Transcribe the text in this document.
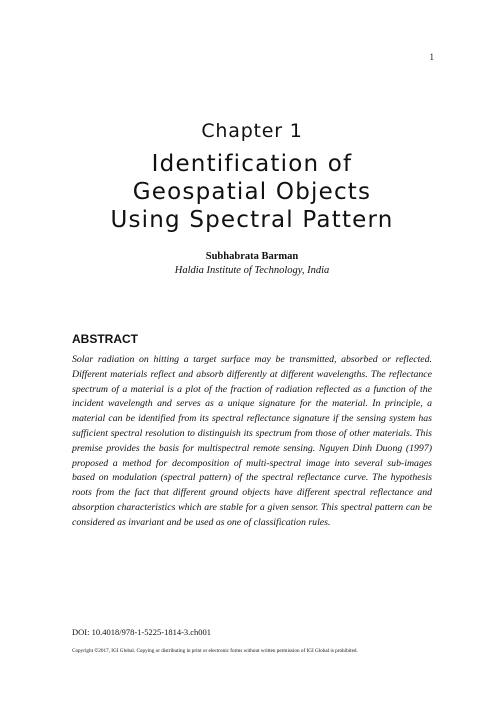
1
Chapter 1
Identification of
Geospatial Objects
Using Spectral Pattern
Subhabrata Barman
Haldia Institute of Technology, India
ABSTRACT

Solar radiation on hitting a target surface may be transmitted, absorbed or reflected. Different materials reflect and absorb differently at different wavelengths. The reflectance spectrum of a material is a plot of the fraction of radiation reflected as a function of the incident wavelength and serves as a unique signature for the material. In principle, a material can be identified from its spectral reflectance signature if the sensing system has sufficient spectral resolution to distinguish its spectrum from those of other materials. This premise provides the basis for multispectral remote sensing. Nguyen Dinh Duong (1997) proposed a method for decomposition of multi-spectral image into several sub-images based on modulation (spectral pattern) of the spectral reflectance curve. The hypothesis roots from the fact that different ground objects have different spectral reflectance and absorption characteristics which are stable for a given sensor. This spectral pattern can be considered as invariant and be used as one of classification rules.

DOI: 10.4018/978-1-5225-1814-3.ch001
Copyright ©2017, IGI Global. Copying or distributing in print or electronic forms without written permission of IGI Global is prohibited.
